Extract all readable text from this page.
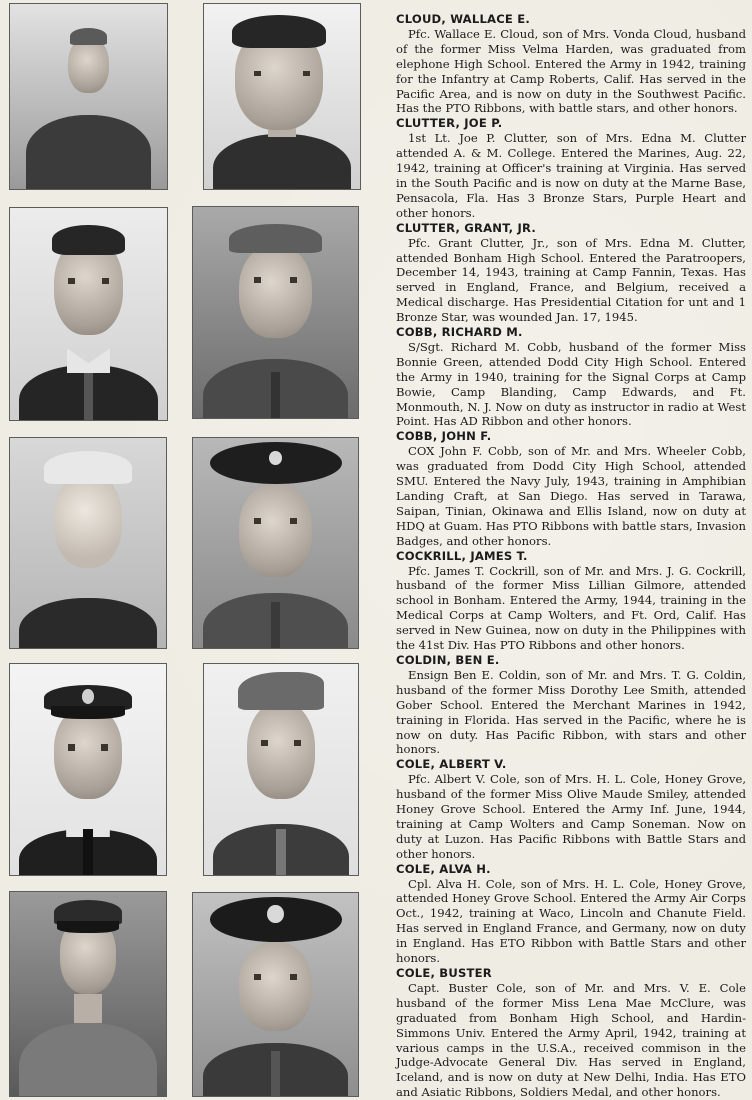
CLOUD, WALLACE E.
Pfc. Wallace E. Cloud, son of Mrs. Vonda Cloud, husband of the former Miss Velma Harden, was graduated from elephone High School. Entered the Army in 1942, training for the Infantry at Camp Roberts, Calif. Has served in the Pacific Area, and is now on duty in the Southwest Pacific. Has the PTO Ribbons, with battle stars, and other honors.

CLUTTER, JOE P.
1st Lt. Joe P. Clutter, son of Mrs. Edna M. Clutter attended A. & M. College. Entered the Marines, Aug. 22, 1942, training at Officer's training at Virginia. Has served in the South Pacific and is now on duty at the Marne Base, Pensacola, Fla. Has 3 Bronze Stars, Purple Heart and other honors.

CLUTTER, GRANT, JR.
Pfc. Grant Clutter, Jr., son of Mrs. Edna M. Clutter, attended Bonham High School. Entered the Paratroopers, December 14, 1943, training at Camp Fannin, Texas. Has served in England, France, and Belgium, received a Medical discharge. Has Presidential Citation for unt and 1 Bronze Star, was wounded Jan. 17, 1945.

COBB, RICHARD M.
S/Sgt. Richard M. Cobb, husband of the former Miss Bonnie Green, attended Dodd City High School. Entered the Army in 1940, training for the Signal Corps at Camp Bowie, Camp Blanding, Camp Edwards, and Ft. Monmouth, N. J. Now on duty as instructor in radio at West Point. Has AD Ribbon and other honors.

COBB, JOHN F.
COX John F. Cobb, son of Mr. and Mrs. Wheeler Cobb, was graduated from Dodd City High School, attended SMU. Entered the Navy July, 1943, training in Amphibian Landing Craft, at San Diego. Has served in Tarawa, Saipan, Tinian, Okinawa and Ellis Island, now on duty at HDQ at Guam. Has PTO Ribbons with battle stars, Invasion Badges, and other honors.

COCKRILL, JAMES T.
Pfc. James T. Cockrill, son of Mr. and Mrs. J. G. Cockrill, husband of the former Miss Lillian Gilmore, attended school in Bonham. Entered the Army, 1944, training in the Medical Corps at Camp Wolters, and Ft. Ord, Calif. Has served in New Guinea, now on duty in the Philippines with the 41st Div. Has PTO Ribbons and other honors.

COLDIN, BEN E.
Ensign Ben E. Coldin, son of Mr. and Mrs. T. G. Coldin, husband of the former Miss Dorothy Lee Smith, attended Gober School. Entered the Merchant Marines in 1942, training in Florida. Has served in the Pacific, where he is now on duty. Has Pacific Ribbon, with stars and other honors.

COLE, ALBERT V.
Pfc. Albert V. Cole, son of Mrs. H. L. Cole, Honey Grove, husband of the former Miss Olive Maude Smiley, attended Honey Grove School. Entered the Army Inf. June, 1944, training at Camp Wolters and Camp Soneman. Now on duty at Luzon. Has Pacific Ribbons with Battle Stars and other honors.

COLE, ALVA H.
Cpl. Alva H. Cole, son of Mrs. H. L. Cole, Honey Grove, attended Honey Grove School. Entered the Army Air Corps Oct., 1942, training at Waco, Lincoln and Chanute Field. Has served in England France, and Germany, now on duty in England. Has ETO Ribbon with Battle Stars and other honors.

COLE, BUSTER
Capt. Buster Cole, son of Mr. and Mrs. V. E. Cole husband of the former Miss Lena Mae McClure, was graduated from Bonham High School, and Hardin-Simmons Univ. Entered the Army April, 1942, training at various camps in the U.S.A., received commison in the Judge-Advocate General Div. Has served in England, Iceland, and is now on duty at New Delhi, India. Has ETO and Asiatic Ribbons, Soldiers Medal, and other honors.
